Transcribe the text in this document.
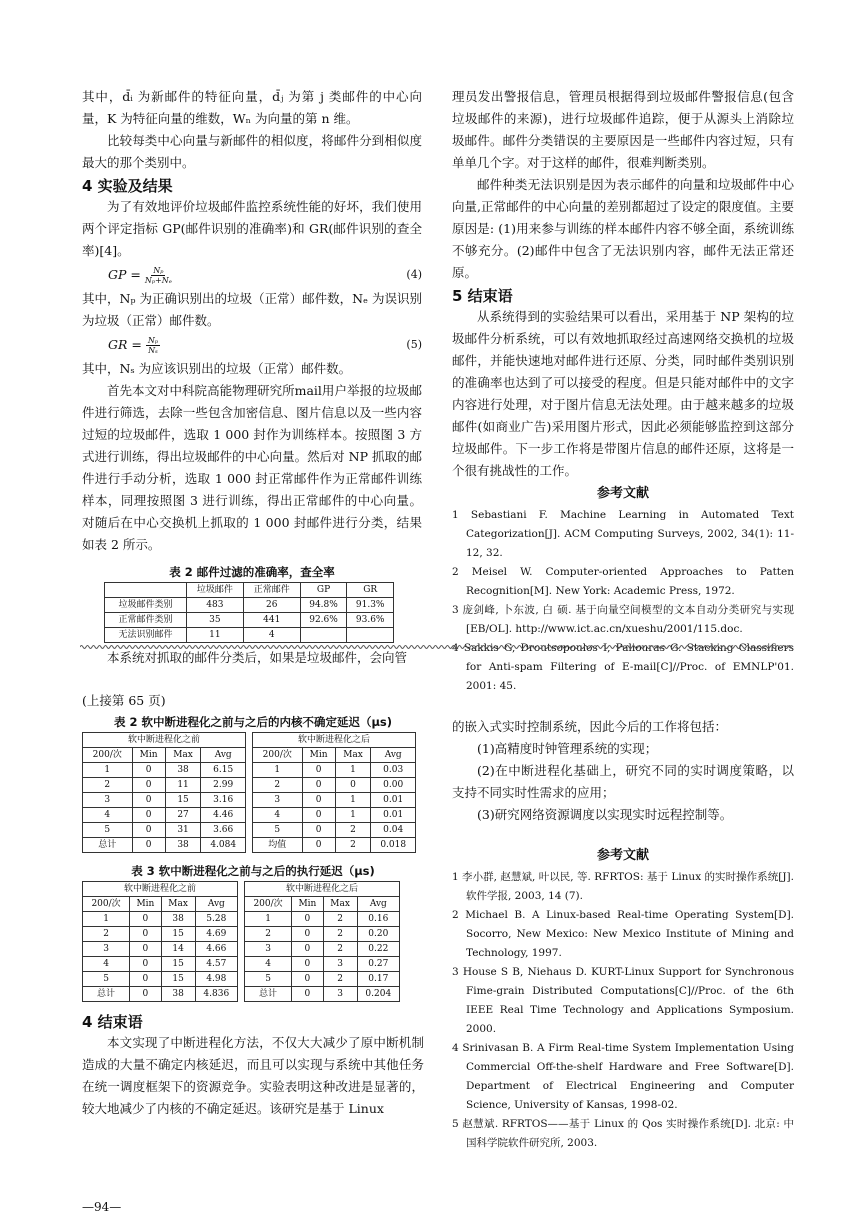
其中，d̄ᵢ 为新邮件的特征向量，d̄ⱼ 为第 j 类邮件的中心向量，K 为特征向量的维数，Wₙ 为向量的第 n 维。

比较每类中心向量与新邮件的相似度，将邮件分到相似度最大的那个类别中。

4 实验及结果

为了有效地评价垃圾邮件监控系统性能的好坏，我们使用两个评定指标 GP(邮件识别的准确率)和 GR(邮件识别的查全率)[4]。

GP = $\frac{\text{Nₚ}}{\text{Nₚ+Nₑ}}$	(4)

其中，Nₚ 为正确识别出的垃圾（正常）邮件数，Nₑ 为误识别为垃圾（正常）邮件数。

GR = $\frac{\text{Nₚ}}{\text{Nₛ}}$	(5)

其中，Nₛ 为应该识别出的垃圾（正常）邮件数。

首先本文对中科院高能物理研究所mail用户举报的垃圾邮件进行筛选，去除一些包含加密信息、图片信息以及一些内容过短的垃圾邮件，选取 1 000 封作为训练样本。按照图 3 方式进行训练，得出垃圾邮件的中心向量。然后对 NP 抓取的邮件进行手动分析，选取 1 000 封正常邮件作为正常邮件训练样本，同理按照图 3 进行训练，得出正常邮件的中心向量。对随后在中心交换机上抓取的 1 000 封邮件进行分类，结果如表 2 所示。

表 2 邮件过滤的准确率，查全率
	垃圾邮件	正常邮件	GP	GR
垃圾邮件类别	483	26	94.8%	91.3%
正常邮件类别	35	441	92.6%	93.6%
无法识别邮件	11	4		

本系统对抓取的邮件分类后，如果是垃圾邮件，会向管

理员发出警报信息，管理员根据得到垃圾邮件警报信息(包含垃圾邮件的来源)，进行垃圾邮件追踪，便于从源头上消除垃圾邮件。邮件分类错误的主要原因是一些邮件内容过短，只有单单几个字。对于这样的邮件，很难判断类别。

邮件种类无法识别是因为表示邮件的向量和垃圾邮件中心向量,正常邮件的中心向量的差别都超过了设定的限度值。主要原因是: (1)用来参与训练的样本邮件内容不够全面，系统训练不够充分。(2)邮件中包含了无法识别内容，邮件无法正常还原。

5 结束语

从系统得到的实验结果可以看出，采用基于 NP 架构的垃圾邮件分析系统，可以有效地抓取经过高速网络交换机的垃圾邮件，并能快速地对邮件进行还原、分类，同时邮件类别识别的准确率也达到了可以接受的程度。但是只能对邮件中的文字内容进行处理，对于图片信息无法处理。由于越来越多的垃圾邮件(如商业广告)采用图片形式，因此必须能够监控到这部分垃圾邮件。下一步工作将是带图片信息的邮件还原，这将是一个很有挑战性的工作。

参考文献

1 Sebastiani F. Machine Learning in Automated Text Categorization[J]. ACM Computing Surveys, 2002, 34(1): 11-12, 32.

2 Meisel W. Computer-oriented Approaches to Patten Recognition[M]. New York: Academic Press, 1972.

3 庞剑峰, 卜东波, 白 硕. 基于向量空间模型的文本自动分类研究与实现[EB/OL]. http://www.ict.ac.cn/xueshu/2001/115.doc.

4 Sakkis G, Droutsopoulos I, Paliouras G. Stacking Classifiers for Anti-spam Filtering of E-mail[C]//Proc. of EMNLP'01. 2001: 45.

(上接第 65 页)

表 2 软中断进程化之前与之后的内核不确定延迟（μs)
软中断进程化之前			
200/次	Min	Max	Avg
1	0	38	6.15
2	0	11	2.99
3	0	15	3.16
4	0	27	4.46
5	0	31	3.66
总计	0	38	4.084
软中断进程化之后			
200/次	Min	Max	Avg
1	0	1	0.03
2	0	0	0.00
3	0	1	0.01
4	0	1	0.01
5	0	2	0.04
均值	0	2	0.018
表 3 软中断进程化之前与之后的执行延迟（μs)
软中断进程化之前			
200/次	Min	Max	Avg
1	0	38	5.28
2	0	15	4.69
3	0	14	4.66
4	0	15	4.57
5	0	15	4.98
总计	0	38	4.836
软中断进程化之后			
200/次	Min	Max	Avg
1	0	2	0.16
2	0	2	0.20
3	0	2	0.22
4	0	3	0.27
5	0	2	0.17
总计	0	3	0.204
4 结束语

本文实现了中断进程化方法，不仅大大减少了原中断机制造成的大量不确定内核延迟，而且可以实现与系统中其他任务在统一调度框架下的资源竞争。实验表明这种改进是显著的，较大地减少了内核的不确定延迟。该研究是基于 Linux

的嵌入式实时控制系统，因此今后的工作将包括：

(1)高精度时钟管理系统的实现；

(2)在中断进程化基础上，研究不同的实时调度策略，以支持不同实时性需求的应用；

(3)研究网络资源调度以实现实时远程控制等。

参考文献

1 李小群, 赵慧斌, 叶以民, 等. RFRTOS: 基于 Linux 的实时操作系统[J]. 软件学报, 2003, 14 (7).

2 Michael B. A Linux-based Real-time Operating System[D]. Socorro, New Mexico: New Mexico Institute of Mining and Technology, 1997.

3 House S B, Niehaus D. KURT-Linux Support for Synchronous Fime-grain Distributed Computations[C]//Proc. of the 6th IEEE Real Time Technology and Applications Symposium. 2000.

4 Srinivasan B. A Firm Real-time System Implementation Using Commercial Off-the-shelf Hardware and Free Software[D]. Department of Electrical Engineering and Computer Science, University of Kansas, 1998-02.

5 赵慧斌. RFRTOS——基于 Linux 的 Qos 实时操作系统[D]. 北京: 中国科学院软件研究所, 2003.

—94—
